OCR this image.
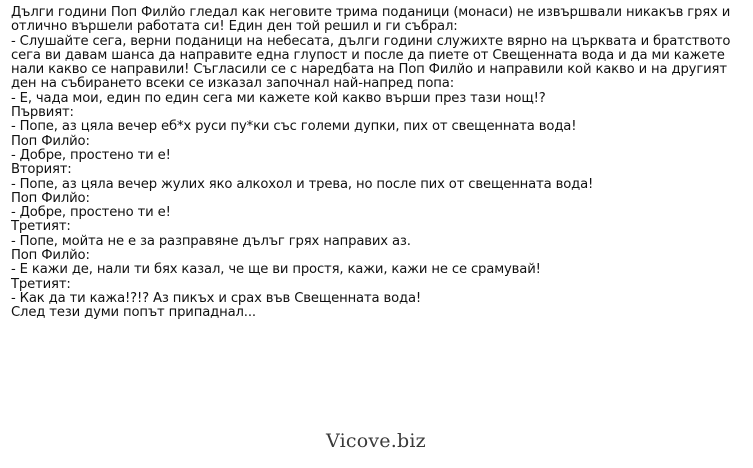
Дълги години Поп Филйо гледал как неговите трима поданици (монаси) не извършвали никакъв грях и отлично вършели работата си! Един ден той решил и ги събрал:
- Слушайте сега, верни поданици на небесата, дълги години служихте вярно на църквата и братството сега ви давам шанса да направите една глупост и после да пиете от Свещенната вода и да ми кажете нали какво се направили! Съгласили се с наредбата на Поп Филйо и направили кой какво и на другият ден на събирането всеки се изказал започнал най-напред попа:
- Е, чада мои, един по един сега ми кажете кой какво върши през тази нощ!?
Първият:
- Попе, аз цяла вечер еб*х руси пу*ки със големи дупки, пих от свещенната вода!
Поп Филйо:
- Добре, простено ти е!
Вторият:
- Попе, аз цяла вечер жулих яко алкохол и трева, но после пих от свещенната вода!
Поп Филйо:
- Добре, простено ти е!
Третият:
- Попе, мойта не е за разправяне дълъг грях направих аз.
Поп Филйо:
- Е кажи де, нали ти бях казал, че ще ви простя, кажи, кажи не се срамувай!
Третият:
- Как да ти кажа!?!? Аз пикъх и срах във Свещенната вода!
След тези думи попът припаднал...
Vicove.biz
